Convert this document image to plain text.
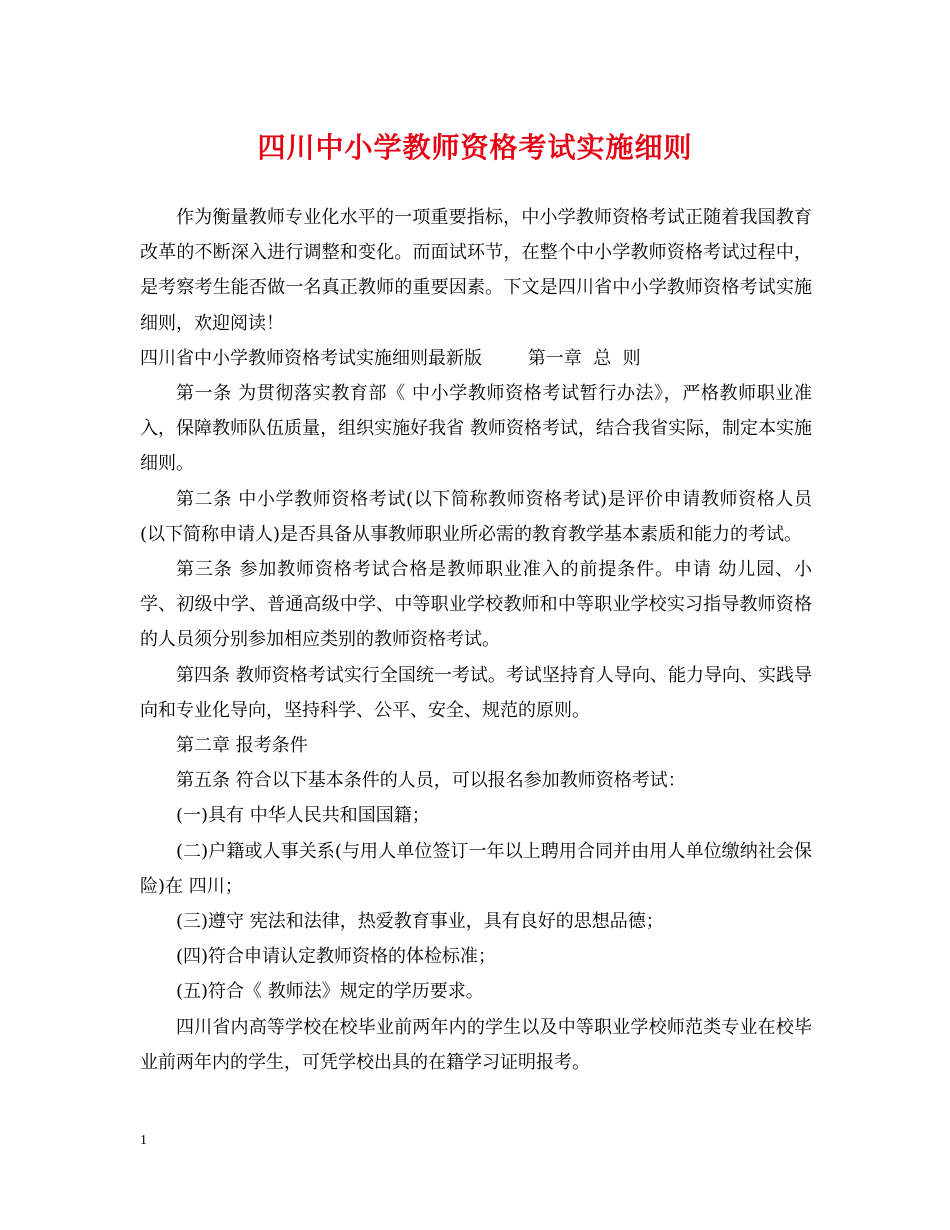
四川中小学教师资格考试实施细则

作为衡量教师专业化水平的一项重要指标，中小学教师资格考试正随着我国教育改革的不断深入进行调整和变化。而面试环节，在整个中小学教师资格考试过程中，是考察考生能否做一名真正教师的重要因素。下文是四川省中小学教师资格考试实施细则，欢迎阅读！

四川省中小学教师资格考试实施细则最新版        第一章  总  则

第一条 为贯彻落实教育部《 中小学教师资格考试暂行办法》，严格教师职业准入，保障教师队伍质量，组织实施好我省 教师资格考试，结合我省实际，制定本实施细则。

第二条 中小学教师资格考试(以下简称教师资格考试)是评价申请教师资格人员(以下简称申请人)是否具备从事教师职业所必需的教育教学基本素质和能力的考试。

第三条 参加教师资格考试合格是教师职业准入的前提条件。申请 幼儿园、小学、初级中学、普通高级中学、中等职业学校教师和中等职业学校实习指导教师资格的人员须分别参加相应类别的教师资格考试。

第四条 教师资格考试实行全国统一考试。考试坚持育人导向、能力导向、实践导向和专业化导向，坚持科学、公平、安全、规范的原则。

第二章 报考条件

第五条 符合以下基本条件的人员，可以报名参加教师资格考试：

(一)具有 中华人民共和国国籍；

(二)户籍或人事关系(与用人单位签订一年以上聘用合同并由用人单位缴纳社会保险)在 四川；

(三)遵守 宪法和法律，热爱教育事业，具有良好的思想品德；

(四)符合申请认定教师资格的体检标准；

(五)符合《 教师法》规定的学历要求。

四川省内高等学校在校毕业前两年内的学生以及中等职业学校师范类专业在校毕业前两年内的学生，可凭学校出具的在籍学习证明报考。

1
